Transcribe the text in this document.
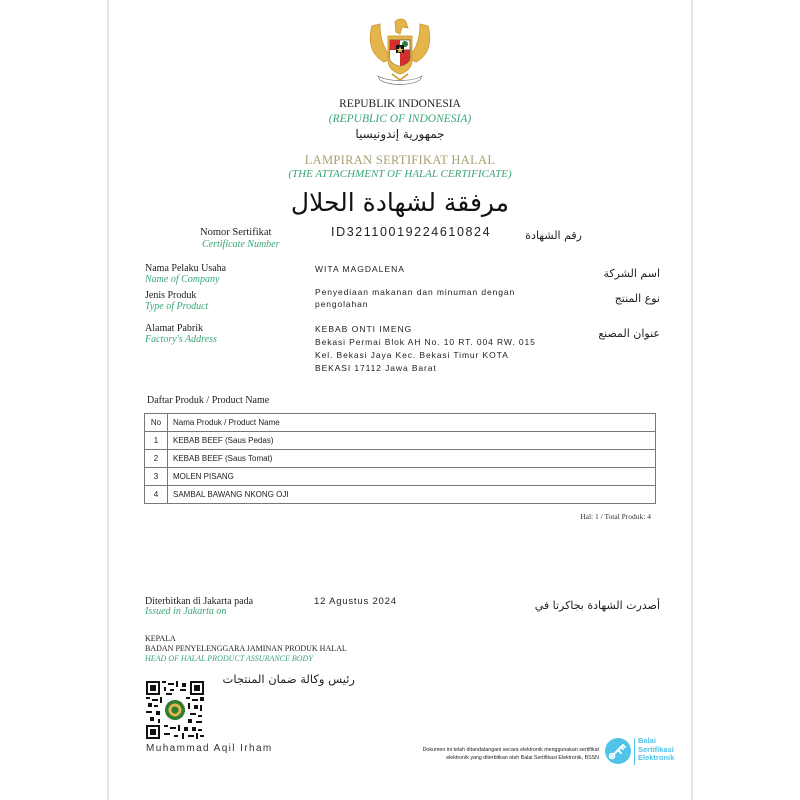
REPUBLIK INDONESIA
(REPUBLIC OF INDONESIA)
جمهورية إندونيسيا
LAMPIRAN SERTIFIKAT HALAL
(THE ATTACHMENT OF HALAL CERTIFICATE)
مرفقة لشهادة الحلال
Nomor Sertifikat
Certificate Number
ID32110019224610824	رقم الشهادة
Nama Pelaku Usaha
Name of Company
WITA MAGDALENA	اسم الشركة
Jenis Produk
Type of Product
Penyediaan makanan dan minuman dengan
pengolahan	نوع المنتج
Alamat Pabrik
Factory's Address
KEBAB ONTI IMENG
Bekasi Permai Blok AH No. 10 RT. 004 RW. 015
Kel. Bekasi Jaya Kec. Bekasi Timur KOTA
BEKASI 17112 Jawa Barat
عنوان المصنع
Daftar Produk / Product Name
No	Nama Produk / Product Name
1	KEBAB BEEF (Saus Pedas)
2	KEBAB BEEF (Saus Tomat)
3	MOLEN PISANG
4	SAMBAL BAWANG NKONG OJI
Hal: 1 / Total Produk: 4
Diterbitkan di Jakarta pada
Issued in Jakarta on
12 Agustus 2024	أصدرت الشهادة بجاكرتا في
KEPALA
BADAN PENYELENGGARA JAMINAN PRODUK HALAL
HEAD OF HALAL PRODUCT ASSURANCE BODY
رئيس وكالة ضمان المنتجات
Muhammad Aqil Irham	Dokumen ini telah ditandatangani secara elektronik menggunakan sertifikat
elektronik yang diterbitkan oleh Balai Sertifikasi Elektronik, BSSN
Balai
Sertifikasi
Elektronik
